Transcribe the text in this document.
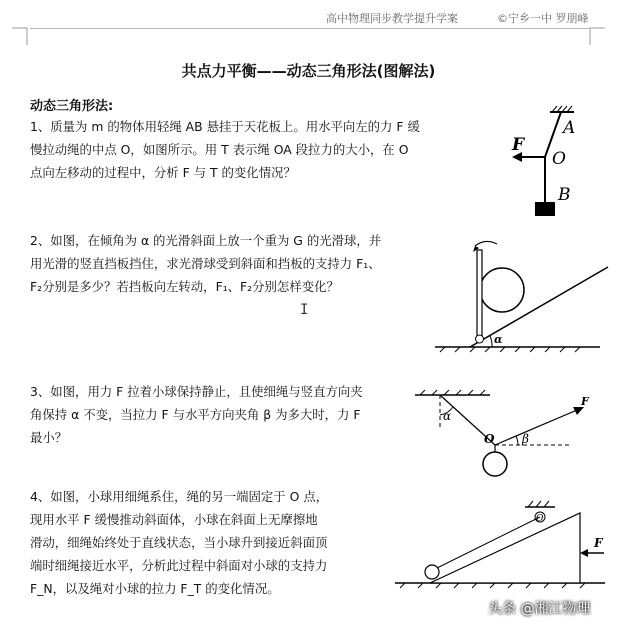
高中物理同步教学提升学案	©宁乡一中 罗朋峰
共点力平衡——动态三角形法(图解法)
动态三角形法:
1、质量为 m 的物体用轻绳 AB 悬挂于天花板上。用水平向左的力 F 缓
慢拉动绳的中点 O，如图所示。用 T 表示绳 OA 段拉力的大小，在 O
点向左移动的过程中，分析 F 与 T 的变化情况？
2、如图，在倾角为 α 的光滑斜面上放一个重为 G 的光滑球，并
用光滑的竖直挡板挡住，求光滑球受到斜面和挡板的支持力 F₁、
F₂分别是多少？若挡板向左转动，F₁、F₂分别怎样变化？
3、如图，用力 F 拉着小球保持静止，且使细绳与竖直方向夹
角保持 α 不变，当拉力 F 与水平方向夹角 β 为多大时，力 F
最小？
4、如图，小球用细绳系住，绳的另一端固定于 O 点，
现用水平 F 缓慢推动斜面体，小球在斜面上无摩擦地
滑动，细绳始终处于直线状态，当小球升到接近斜面顶
端时细绳接近水平，分析此过程中斜面对小球的支持力
F_N，以及绳对小球的拉力 F_T 的变化情况。
I
A
O
B
F
α
α
β
O
F
F
O
头条 @湘江物理
